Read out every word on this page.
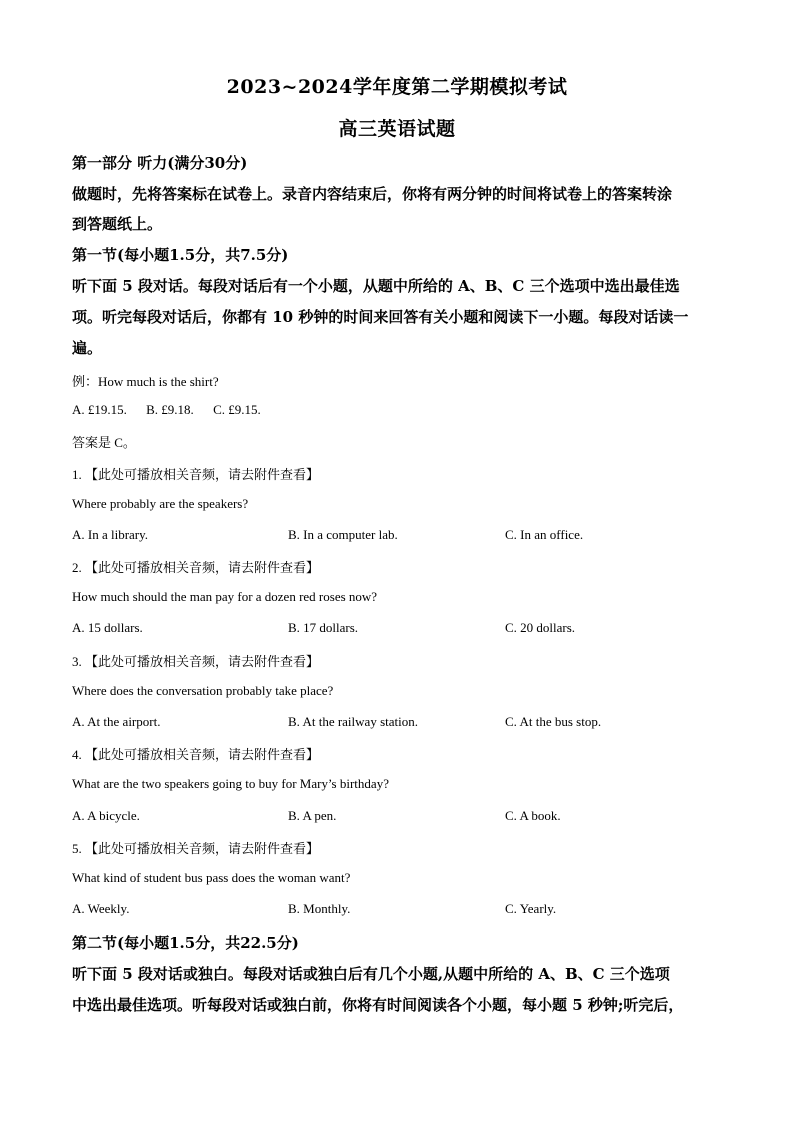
2023~2024学年度第二学期模拟考试
高三英语试题
第一部分 听力(满分30分)
做题时，先将答案标在试卷上。录音内容结束后，你将有两分钟的时间将试卷上的答案转涂
到答题纸上。
第一节(每小题1.5分，共7.5分)
听下面 5 段对话。每段对话后有一个小题，从题中所给的 A、B、C 三个选项中选出最佳选
项。听完每段对话后，你都有 10 秒钟的时间来回答有关小题和阅读下一小题。每段对话读一
遍。
例：How much is the shirt?
A. £19.15. B. £9.18. C. £9.15.
答案是 C。
1. 【此处可播放相关音频，请去附件查看】
Where probably are the speakers?
A. In a library.	B. In a computer lab.	C. In an office.
2. 【此处可播放相关音频，请去附件查看】
How much should the man pay for a dozen red roses now?
A. 15 dollars.	B. 17 dollars.	C. 20 dollars.
3. 【此处可播放相关音频，请去附件查看】
Where does the conversation probably take place?
A. At the airport.	B. At the railway station.	C. At the bus stop.
4. 【此处可播放相关音频，请去附件查看】
What are the two speakers going to buy for Mary’s birthday?
A. A bicycle.	B. A pen.	C. A book.
5. 【此处可播放相关音频，请去附件查看】
What kind of student bus pass does the woman want?
A. Weekly.	B. Monthly.	C. Yearly.
第二节(每小题1.5分，共22.5分)
听下面 5 段对话或独白。每段对话或独白后有几个小题,从题中所给的 A、B、C 三个选项
中选出最佳选项。听每段对话或独白前，你将有时间阅读各个小题，每小题 5 秒钟;听完后，
